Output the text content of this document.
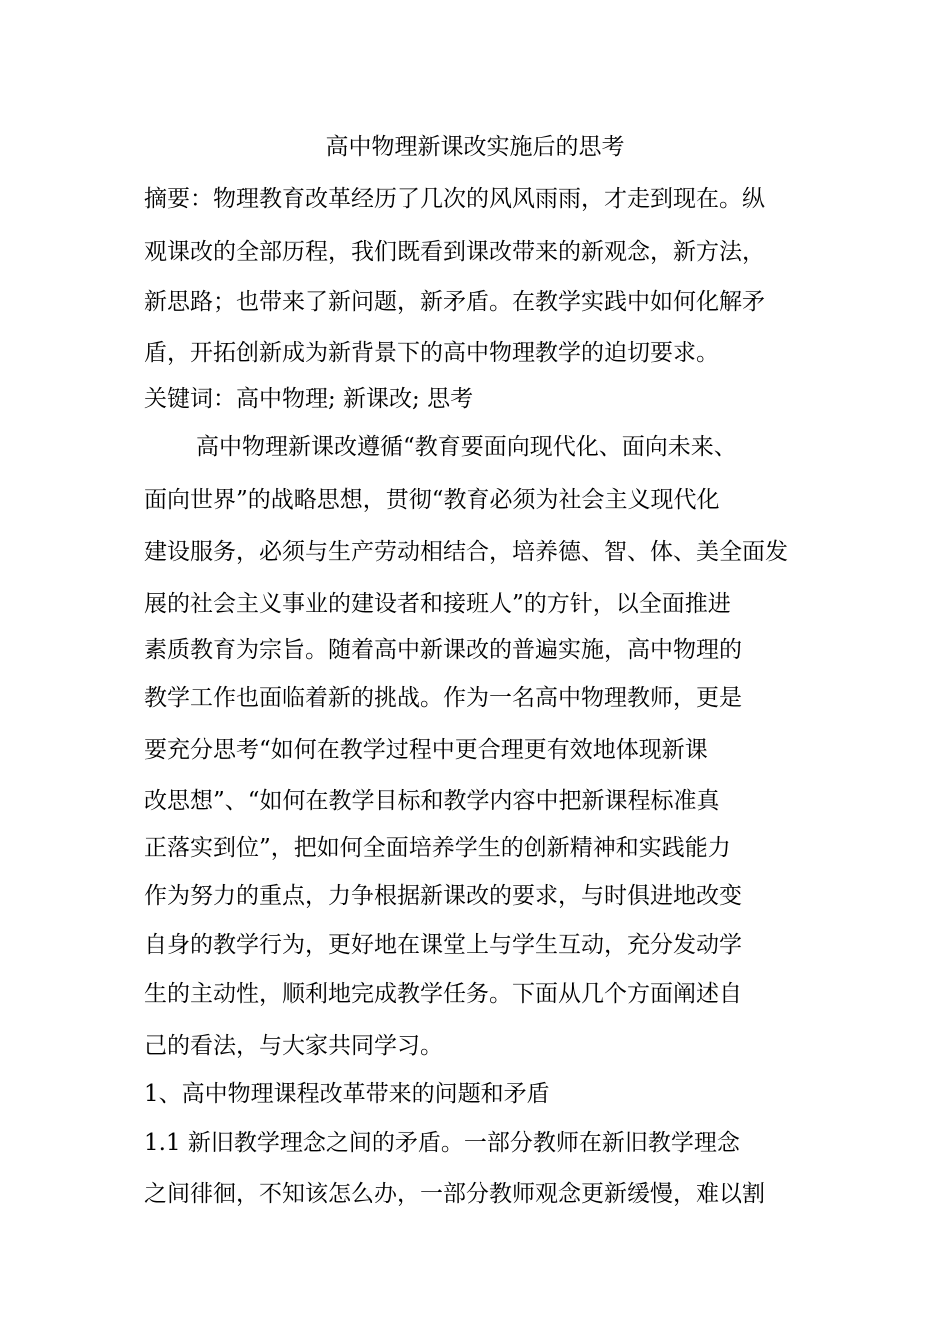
高中物理新课改实施后的思考
摘要：物理教育改革经历了几次的风风雨雨，才走到现在。纵
观课改的全部历程，我们既看到课改带来的新观念，新方法，
新思路；也带来了新问题，新矛盾。在教学实践中如何化解矛
盾，开拓创新成为新背景下的高中物理教学的迫切要求。
关键词：高中物理; 新课改; 思考
高中物理新课改遵循“教育要面向现代化、面向未来、
面向世界”的战略思想，贯彻“教育必须为社会主义现代化
建设服务，必须与生产劳动相结合，培养德、智、体、美全面发
展的社会主义事业的建设者和接班人”的方针，以全面推进
素质教育为宗旨。随着高中新课改的普遍实施，高中物理的
教学工作也面临着新的挑战。作为一名高中物理教师，更是
要充分思考“如何在教学过程中更合理更有效地体现新课
改思想”、“如何在教学目标和教学内容中把新课程标准真
正落实到位”，把如何全面培养学生的创新精神和实践能力
作为努力的重点，力争根据新课改的要求，与时俱进地改变
自身的教学行为，更好地在课堂上与学生互动，充分发动学
生的主动性，顺利地完成教学任务。下面从几个方面阐述自
己的看法，与大家共同学习。
1、高中物理课程改革带来的问题和矛盾
1.1 新旧教学理念之间的矛盾。一部分教师在新旧教学理念
之间徘徊，不知该怎么办，一部分教师观念更新缓慢，难以割
